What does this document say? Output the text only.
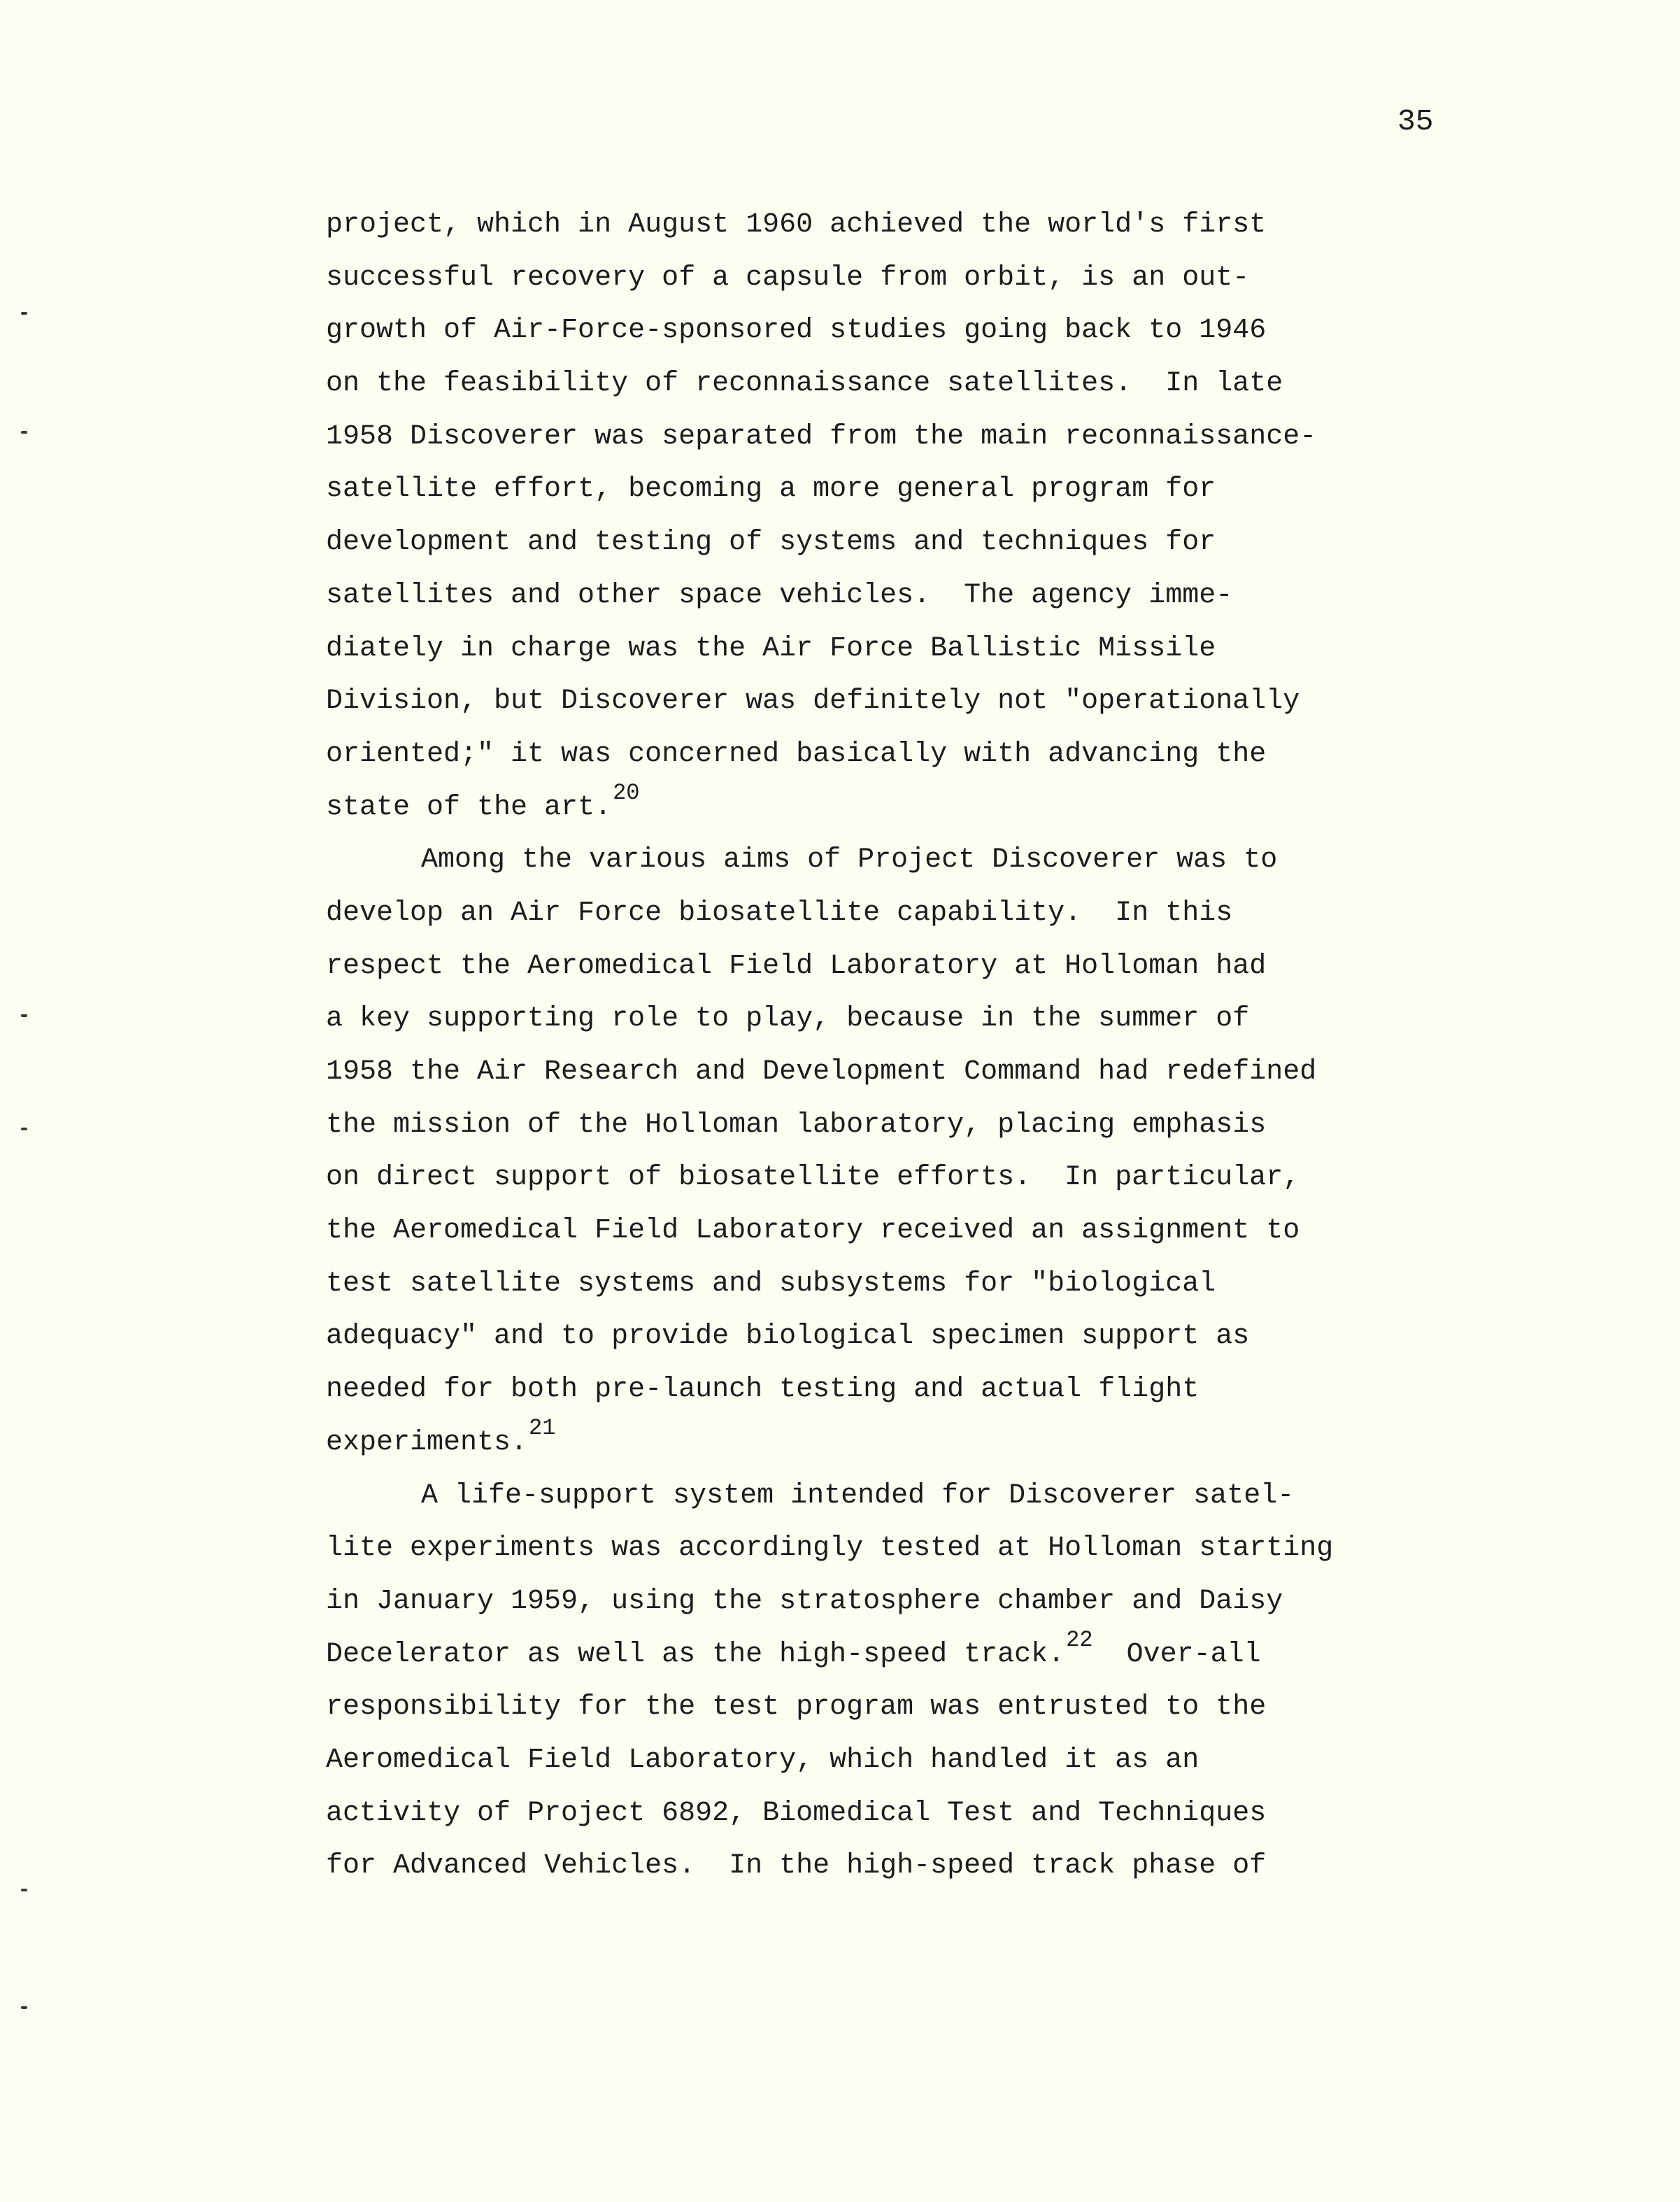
35
project, which in August 1960 achieved the world's first
successful recovery of a capsule from orbit, is an out-
growth of Air-Force-sponsored studies going back to 1946
on the feasibility of reconnaissance satellites.  In late
1958 Discoverer was separated from the main reconnaissance-
satellite effort, becoming a more general program for
development and testing of systems and techniques for
satellites and other space vehicles.  The agency imme-
diately in charge was the Air Force Ballistic Missile
Division, but Discoverer was definitely not "operationally
oriented;" it was concerned basically with advancing the
state of the art.$^{20}$
Among the various aims of Project Discoverer was to
develop an Air Force biosatellite capability.  In this
respect the Aeromedical Field Laboratory at Holloman had
a key supporting role to play, because in the summer of
1958 the Air Research and Development Command had redefined
the mission of the Holloman laboratory, placing emphasis
on direct support of biosatellite efforts.  In particular,
the Aeromedical Field Laboratory received an assignment to
test satellite systems and subsystems for "biological
adequacy" and to provide biological specimen support as
needed for both pre-launch testing and actual flight
experiments.$^{21}$
A life-support system intended for Discoverer satel-
lite experiments was accordingly tested at Holloman starting
in January 1959, using the stratosphere chamber and Daisy
Decelerator as well as the high-speed track.$^{22}$  Over-all
responsibility for the test program was entrusted to the
Aeromedical Field Laboratory, which handled it as an
activity of Project 6892, Biomedical Test and Techniques
for Advanced Vehicles.  In the high-speed track phase of
